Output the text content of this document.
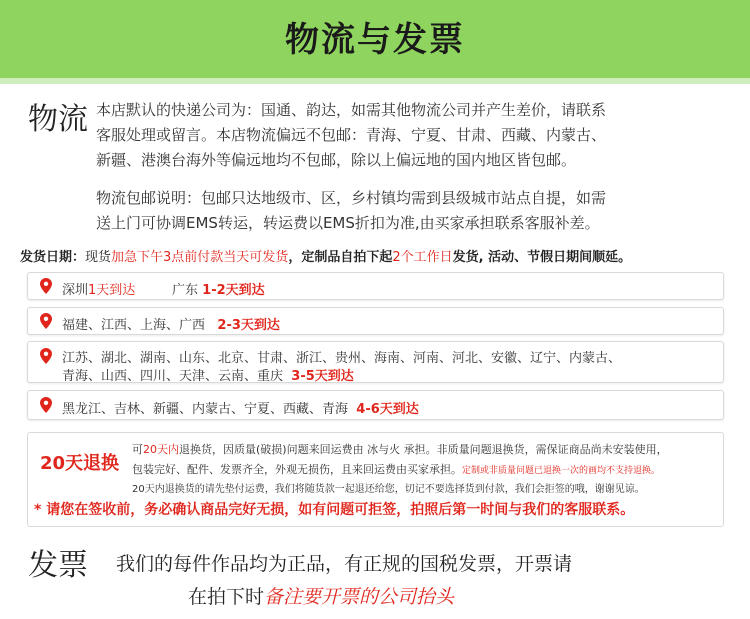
物流与发票
物流 本店默认的快递公司为：国通、韵达，如需其他物流公司并产生差价，请联系
客服处理或留言。本店物流偏远不包邮：青海、宁夏、甘肃、西藏、内蒙古、
新疆、港澳台海外等偏远地均不包邮，除以上偏远地的国内地区皆包邮。
物流包邮说明：包邮只达地级市、区，乡村镇均需到县级城市站点自提，如需
送上门可协调EMS转运，转运费以EMS折扣为准,由买家承担联系客服补差。
发货日期：现货加急下午3点前付款当天可发货，定制品自拍下起2个工作日发货, 活动、节假日期间顺延。
深圳1天到达	广东 1-2天到达
福建、江西、上海、广西 2-3天到达
江苏、湖北、湖南、山东、北京、甘肃、浙江、贵州、海南、河南、河北、安徽、辽宁、内蒙古、
青海、山西、四川、天津、云南、重庆 3-5天到达
黑龙江、吉林、新疆、内蒙古、宁夏、西藏、青海 4-6天到达
20天退换
可20天内退换货，因质量(破损)问题来回运费由 冰与火 承担。非质量问题退换货，需保证商品尚未安装使用，
包装完好、配件、发票齐全，外观无损伤，且来回运费由买家承担。定制或非质量问题已退换一次的画均不支持退换。
20天内退换货的请先垫付运费，我们将随货款一起退还给您，切记不要选择货到付款，我们会拒签的哦，谢谢见谅。
* 请您在签收前，务必确认商品完好无损，如有问题可拒签，拍照后第一时间与我们的客服联系。
发票 我们的每件作品均为正品，有正规的国税发票，开票请
在拍下时备注要开票的公司抬头
